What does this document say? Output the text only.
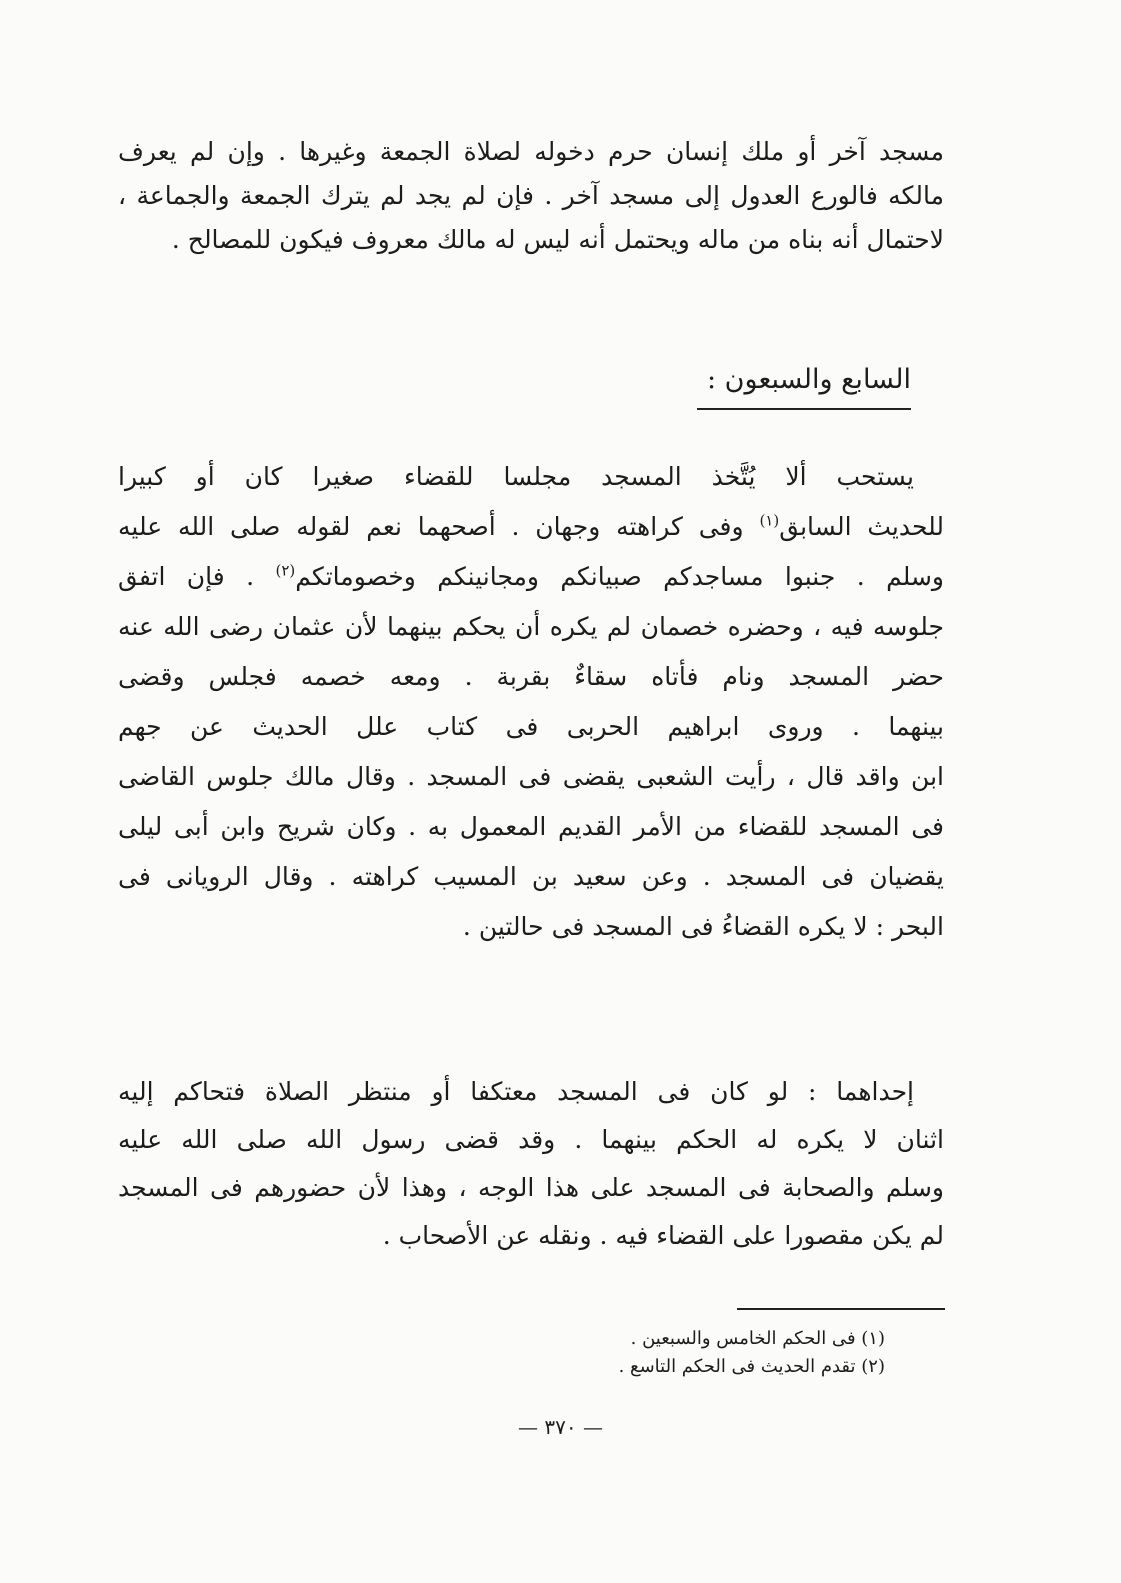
مسجد آخر أو ملك إنسان حرم دخوله لصلاة الجمعة وغيرها . وإن لم يعرف
مالكه فالورع العدول إلى مسجد آخر . فإن لم يجد لم يترك الجمعة والجماعة ،
لاحتمال أنه بناه من ماله ويحتمل أنه ليس له مالك معروف فيكون للمصالح .
السابع والسبعون :
يستحب ألا يُتَّخذ المسجد مجلسا للقضاء صغيرا كان أو كبيرا
للحديث السابق$^{(١)}$ وفى كراهته وجهان . أصحهما نعم لقوله صلى الله عليه
وسلم . جنبوا مساجدكم صبيانكم ومجانينكم وخصوماتكم$^{(٢)}$ . فإن اتفق
جلوسه فيه ، وحضره خصمان لم يكره أن يحكم بينهما لأن عثمان رضى الله عنه
حضر المسجد ونام فأتاه سقاءٌ بقربة . ومعه خصمه فجلس وقضى
بينهما . وروى ابراهيم الحربى فى كتاب علل الحديث عن جهم
ابن واقد قال ، رأيت الشعبى يقضى فى المسجد . وقال مالك جلوس القاضى
فى المسجد للقضاء من الأمر القديم المعمول به . وكان شريح وابن أبى ليلى
يقضيان فى المسجد . وعن سعيد بن المسيب كراهته . وقال الرويانى فى
البحر : لا يكره القضاءُ فى المسجد فى حالتين .
إحداهما : لو كان فى المسجد معتكفا أو منتظر الصلاة فتحاكم إليه
اثنان لا يكره له الحكم بينهما . وقد قضى رسول الله صلى الله عليه
وسلم والصحابة فى المسجد على هذا الوجه ، وهذا لأن حضورهم فى المسجد
لم يكن مقصورا على القضاء فيه . ونقله عن الأصحاب .
(١) فى الحكم الخامس والسبعين .
(٢) تقدم الحديث فى الحكم التاسع .
— ٣٧٠ —
